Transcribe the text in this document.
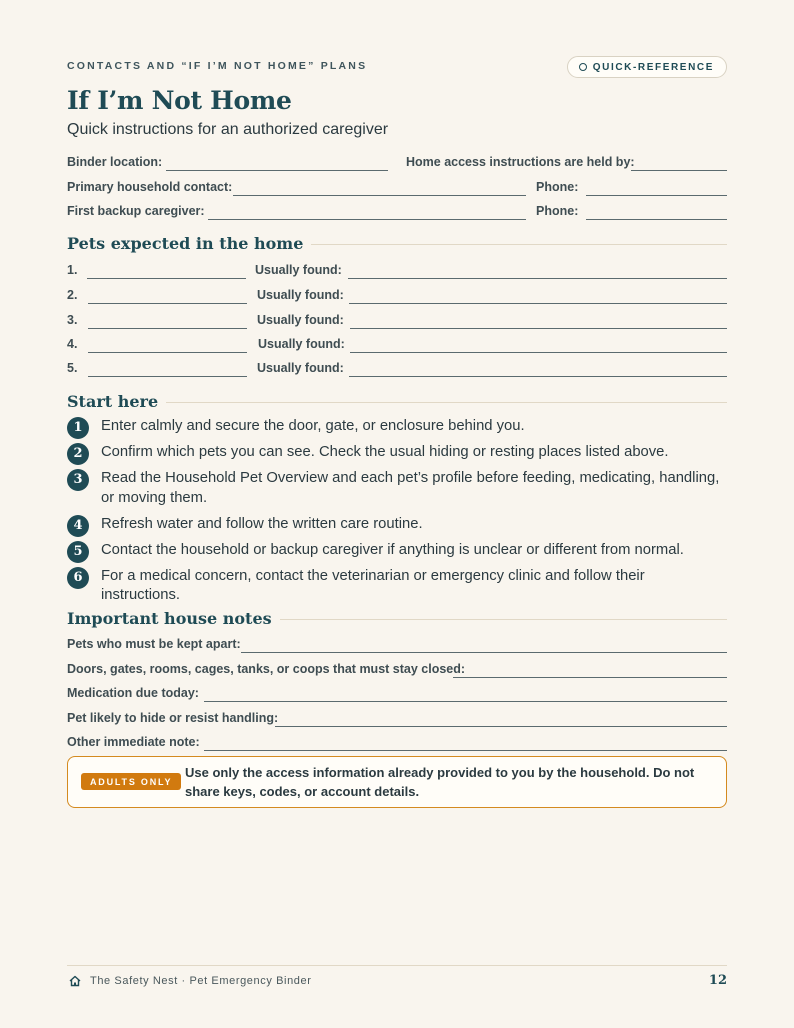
CONTACTS AND “IF I’M NOT HOME” PLANS	QUICK-REFERENCE
If I’m Not Home
Quick instructions for an authorized caregiver
Binder location:	Home access instructions are held by:
Primary household contact:	Phone:
First backup caregiver:	Phone:
Pets expected in the home
1.	Usually found:
2.	Usually found:
3.	Usually found:
4.	Usually found:
5.	Usually found:
Start here
1	Enter calmly and secure the door, gate, or enclosure behind you.
2	Confirm which pets you can see. Check the usual hiding or resting places listed above.
3	Read the Household Pet Overview and each pet’s profile before feeding, medicating, handling, or moving them.
4	Refresh water and follow the written care routine.
5	Contact the household or backup caregiver if anything is unclear or different from normal.
6	For a medical concern, contact the veterinarian or emergency clinic and follow their instructions.
Important house notes
Pets who must be kept apart:
Doors, gates, rooms, cages, tanks, or coops that must stay closed:
Medication due today:
Pet likely to hide or resist handling:
Other immediate note:
ADULTS ONLY
Use only the access information already provided to you by the household. Do not share keys, codes, or account details.
The Safety Nest · Pet Emergency Binder	12
